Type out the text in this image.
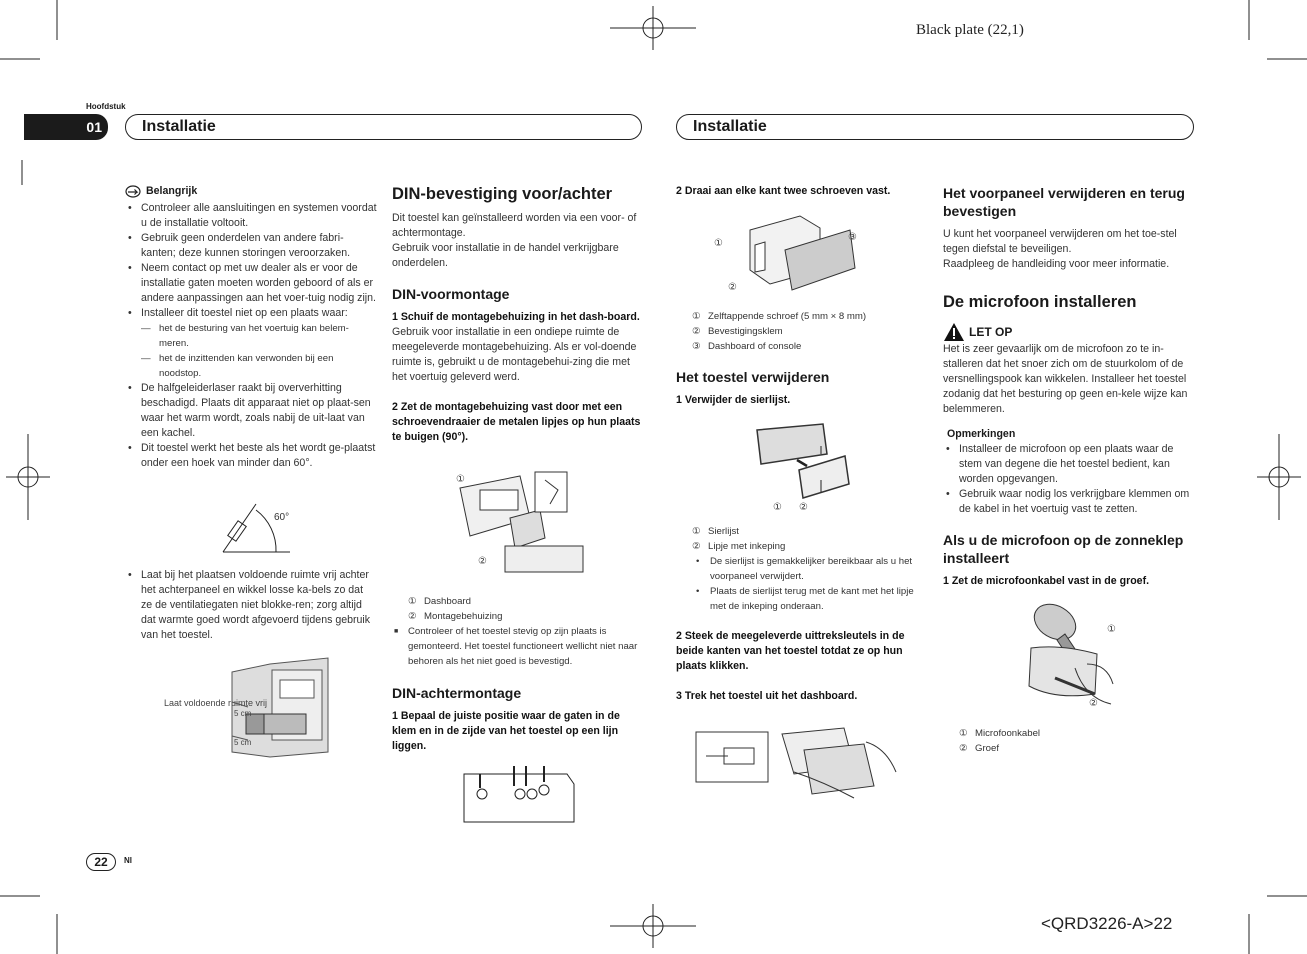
Black plate (22,1)
Hoofdstuk
01	Installatie	Installatie
Belangrijk

• Controleer alle aansluitingen en systemen voordat u de installatie voltooit.

• Gebruik geen onderdelen van andere fabri-kanten; deze kunnen storingen veroorzaken.

• Neem contact op met uw dealer als er voor de installatie gaten moeten worden geboord of als er andere aanpassingen aan het voer-tuig nodig zijn.

• Installeer dit toestel niet op een plaats waar:

— het de besturing van het voertuig kan belem-meren.

— het de inzittenden kan verwonden bij een noodstop.

• De halfgeleiderlaser raakt bij oververhitting beschadigd. Plaats dit apparaat niet op plaat-sen waar het warm wordt, zoals nabij de uit-laat van een kachel.

• Dit toestel werkt het beste als het wordt ge-plaatst onder een hoek van minder dan 60°.

60°

• Laat bij het plaatsen voldoende ruimte vrij achter het achterpaneel en wikkel losse ka-bels zo dat ze de ventilatiegaten niet blokke-ren; zorg altijd dat warmte goed wordt afgevoerd tijdens gebruik van het toestel.

Laat voldoende ruimte vrij
5 cm
5 cm
DIN-bevestiging voor/achter

Dit toestel kan geïnstalleerd worden via een voor- of achtermontage.

Gebruik voor installatie in de handel verkrijgbare onderdelen.

DIN-voormontage

1 Schuif de montagebehuizing in het dash-board.

Gebruik voor installatie in een ondiepe ruimte de meegeleverde montagebehuizing. Als er vol-doende ruimte is, gebruikt u de montagebehui-zing die met het voertuig geleverd werd.

2 Zet de montagebehuizing vast door met een schroevendraaier de metalen lipjes op hun plaats te buigen (90°).

①
②

① Dashboard

② Montagebehuizing

■ Controleer of het toestel stevig op zijn plaats is gemonteerd. Het toestel functioneert wellicht niet naar behoren als het niet goed is bevestigd.

DIN-achtermontage

1 Bepaal de juiste positie waar de gaten in de klem en in de zijde van het toestel op een lijn liggen.

2 Draai aan elke kant twee schroeven vast.

①
②
③

① Zelftappende schroef (5 mm × 8 mm)

② Bevestigingsklem

③ Dashboard of console

Het toestel verwijderen

1 Verwijder de sierlijst.

① ②

① Sierlijst

② Lipje met inkeping

• De sierlijst is gemakkelijker bereikbaar als u het voorpaneel verwijdert.

• Plaats de sierlijst terug met de kant met het lipje met de inkeping onderaan.

2 Steek de meegeleverde uittreksleutels in de beide kanten van het toestel totdat ze op hun plaats klikken.

3 Trek het toestel uit het dashboard.

Het voorpaneel verwijderen en terug bevestigen

U kunt het voorpaneel verwijderen om het toe-stel tegen diefstal te beveiligen.

Raadpleeg de handleiding voor meer informatie.

De microfoon installeren
LET OP

Het is zeer gevaarlijk om de microfoon zo te in-stalleren dat het snoer zich om de stuurkolom of de versnellingspook kan wikkelen. Installeer het toestel zodanig dat het besturing op geen en-kele wijze kan belemmeren.

Opmerkingen

• Installeer de microfoon op een plaats waar de stem van degene die het toestel bedient, kan worden opgevangen.

• Gebruik waar nodig los verkrijgbare klemmen om de kabel in het voertuig vast te zetten.

Als u de microfoon op de zonneklep installeert

1 Zet de microfoonkabel vast in de groef.

①
②

① Microfoonkabel

② Groef

22	Nl
<QRD3226-A>22
